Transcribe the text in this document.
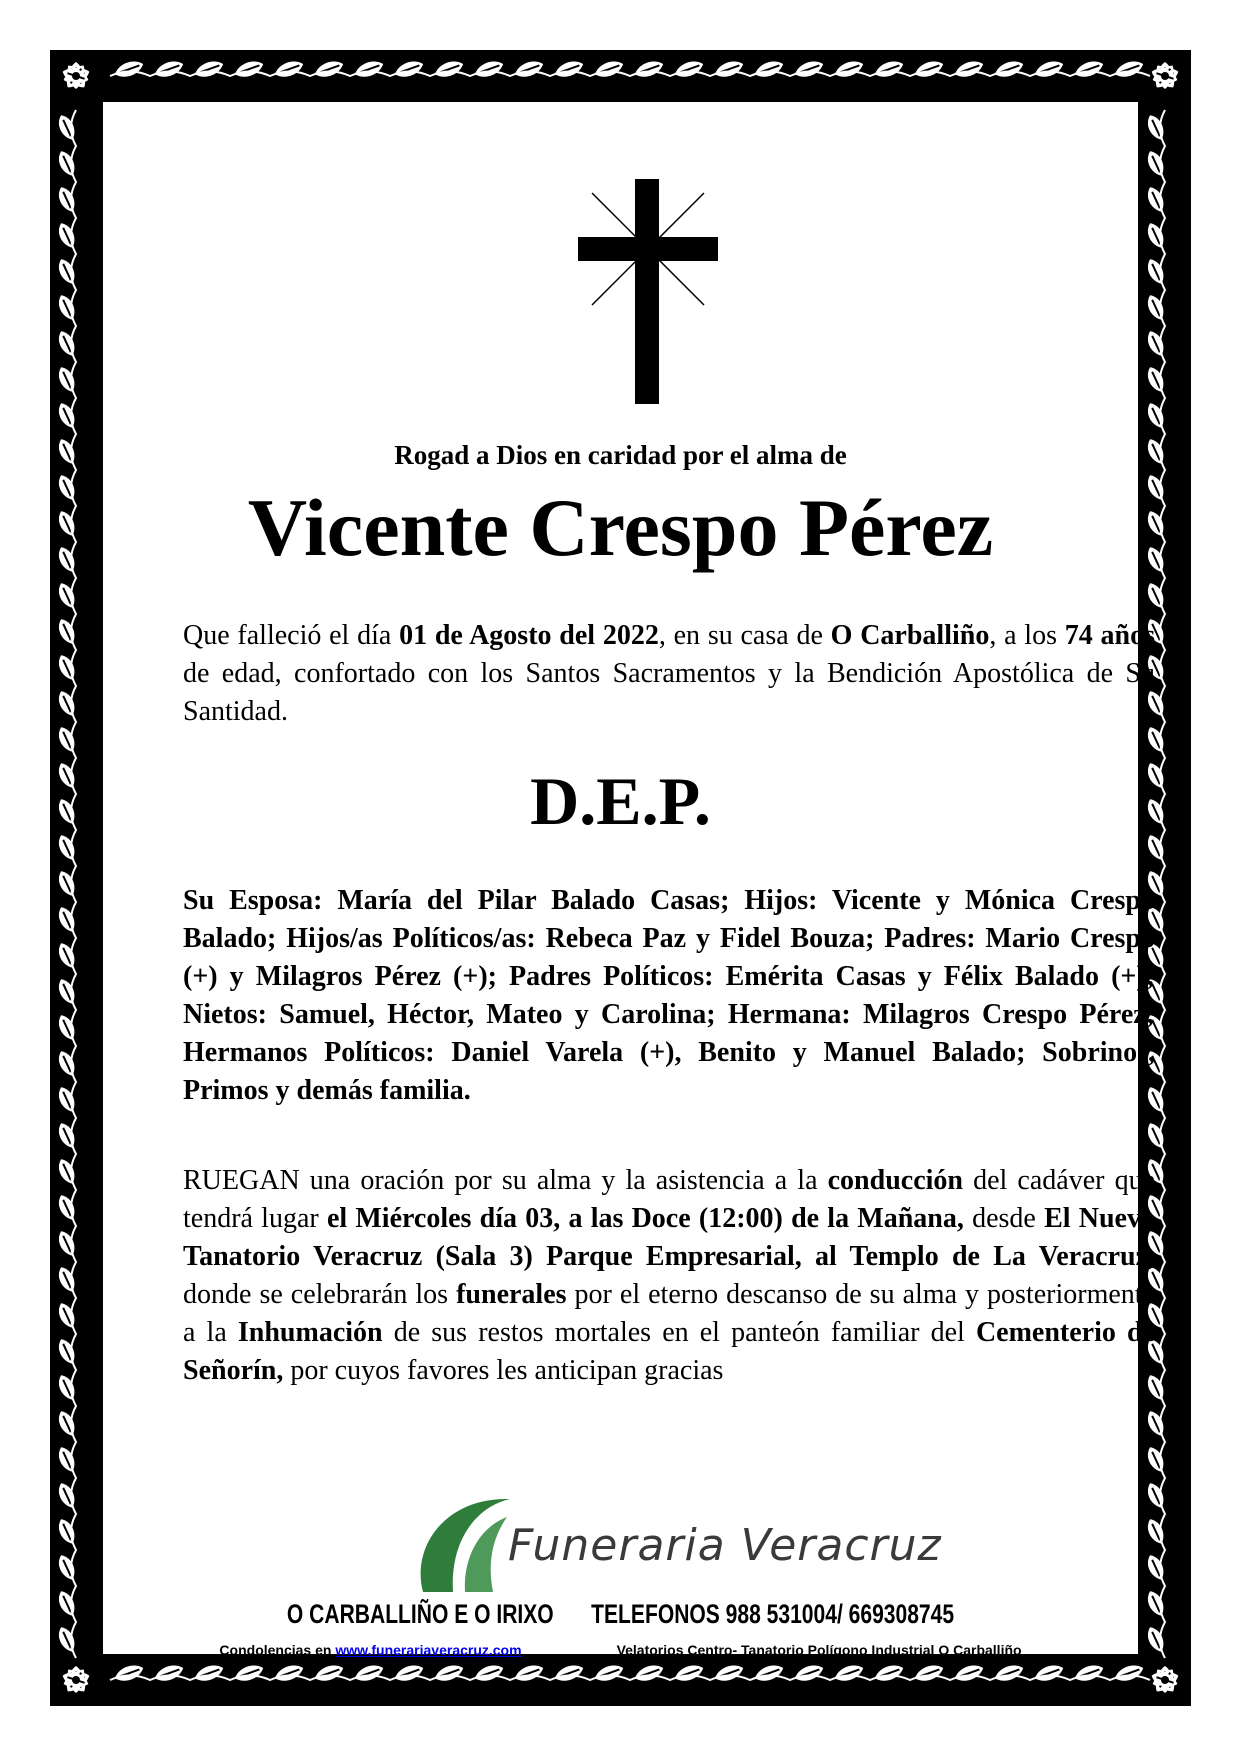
Rogad a Dios en caridad por el alma de
Vicente Crespo Pérez
Que falleció el día 01 de Agosto del 2022, en su casa de O Carballiño, a los 74 años de edad, confortado con los Santos Sacramentos y la Bendición Apostólica de Su Santidad.
D.E.P.
Su Esposa: María del Pilar Balado Casas; Hijos: Vicente y Mónica Crespo Balado; Hijos/as Políticos/as: Rebeca Paz y Fidel Bouza; Padres: Mario Crespo (+) y Milagros Pérez (+); Padres Políticos: Emérita Casas y Félix Balado (+); Nietos: Samuel, Héctor, Mateo y Carolina; Hermana: Milagros Crespo Pérez; Hermanos Políticos: Daniel Varela (+), Benito y Manuel Balado; Sobrinos, Primos y demás familia.
RUEGAN una oración por su alma y la asistencia a la conducción del cadáver que tendrá lugar el Miércoles día 03, a las Doce (12:00) de la Mañana, desde El Nuevo Tanatorio Veracruz (Sala 3) Parque Empresarial, al Templo de La Veracruz, donde se celebrarán los funerales por el eterno descanso de su alma y posteriormente a la Inhumación de sus restos mortales en el panteón familiar del Cementerio de Señorín, por cuyos favores les anticipan gracias
Funeraria Veracruz
O CARBALLIÑO E O IRIXO TELEFONOS 988 531004/ 669308745
Condolencias en www.funerariaveracruz.com	Velatorios Centro- Tanatorio Polígono Industrial O Carballiño
